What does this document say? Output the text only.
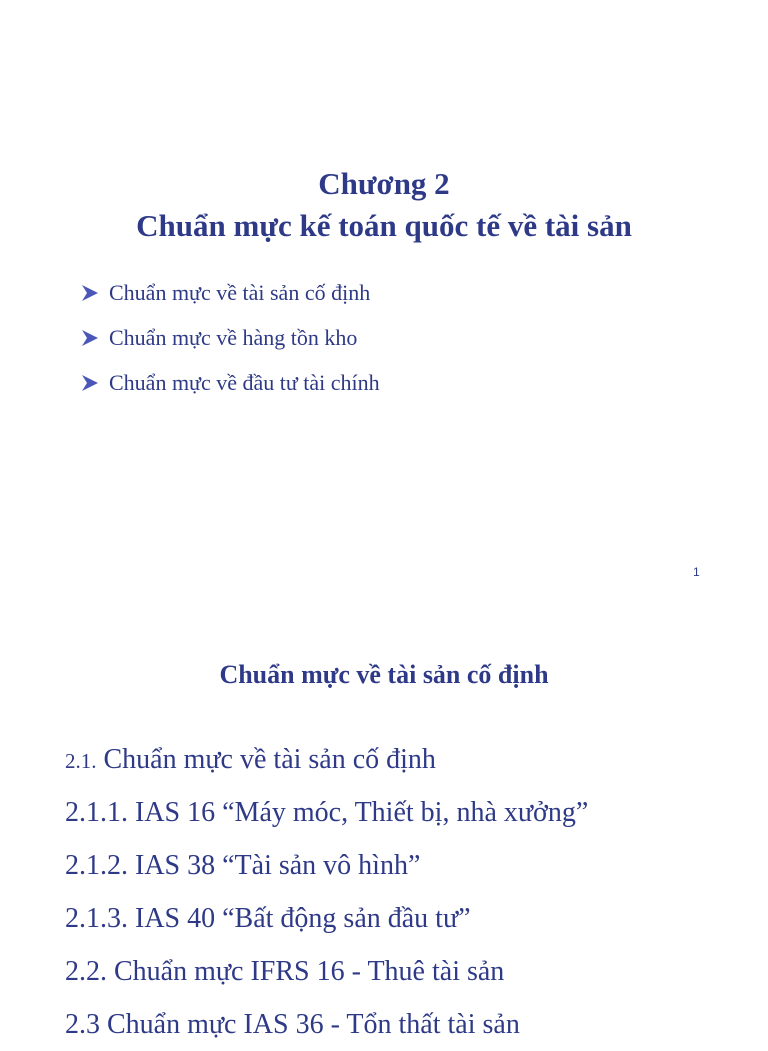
Chương 2
Chuẩn mực kế toán quốc tế về tài sản
Chuẩn mực về tài sản cố định
Chuẩn mực về hàng tồn kho
Chuẩn mực về đầu tư tài chính
1
Chuẩn mực về tài sản cố định
2.1. Chuẩn mực về tài sản cố định
2.1.1. IAS 16 “Máy móc, Thiết bị, nhà xưởng”
2.1.2. IAS 38 “Tài sản vô hình”
2.1.3. IAS 40 “Bất động sản đầu tư”
2.2. Chuẩn mực IFRS 16 - Thuê tài sản
2.3 Chuẩn mực IAS 36 - Tổn thất tài sản
